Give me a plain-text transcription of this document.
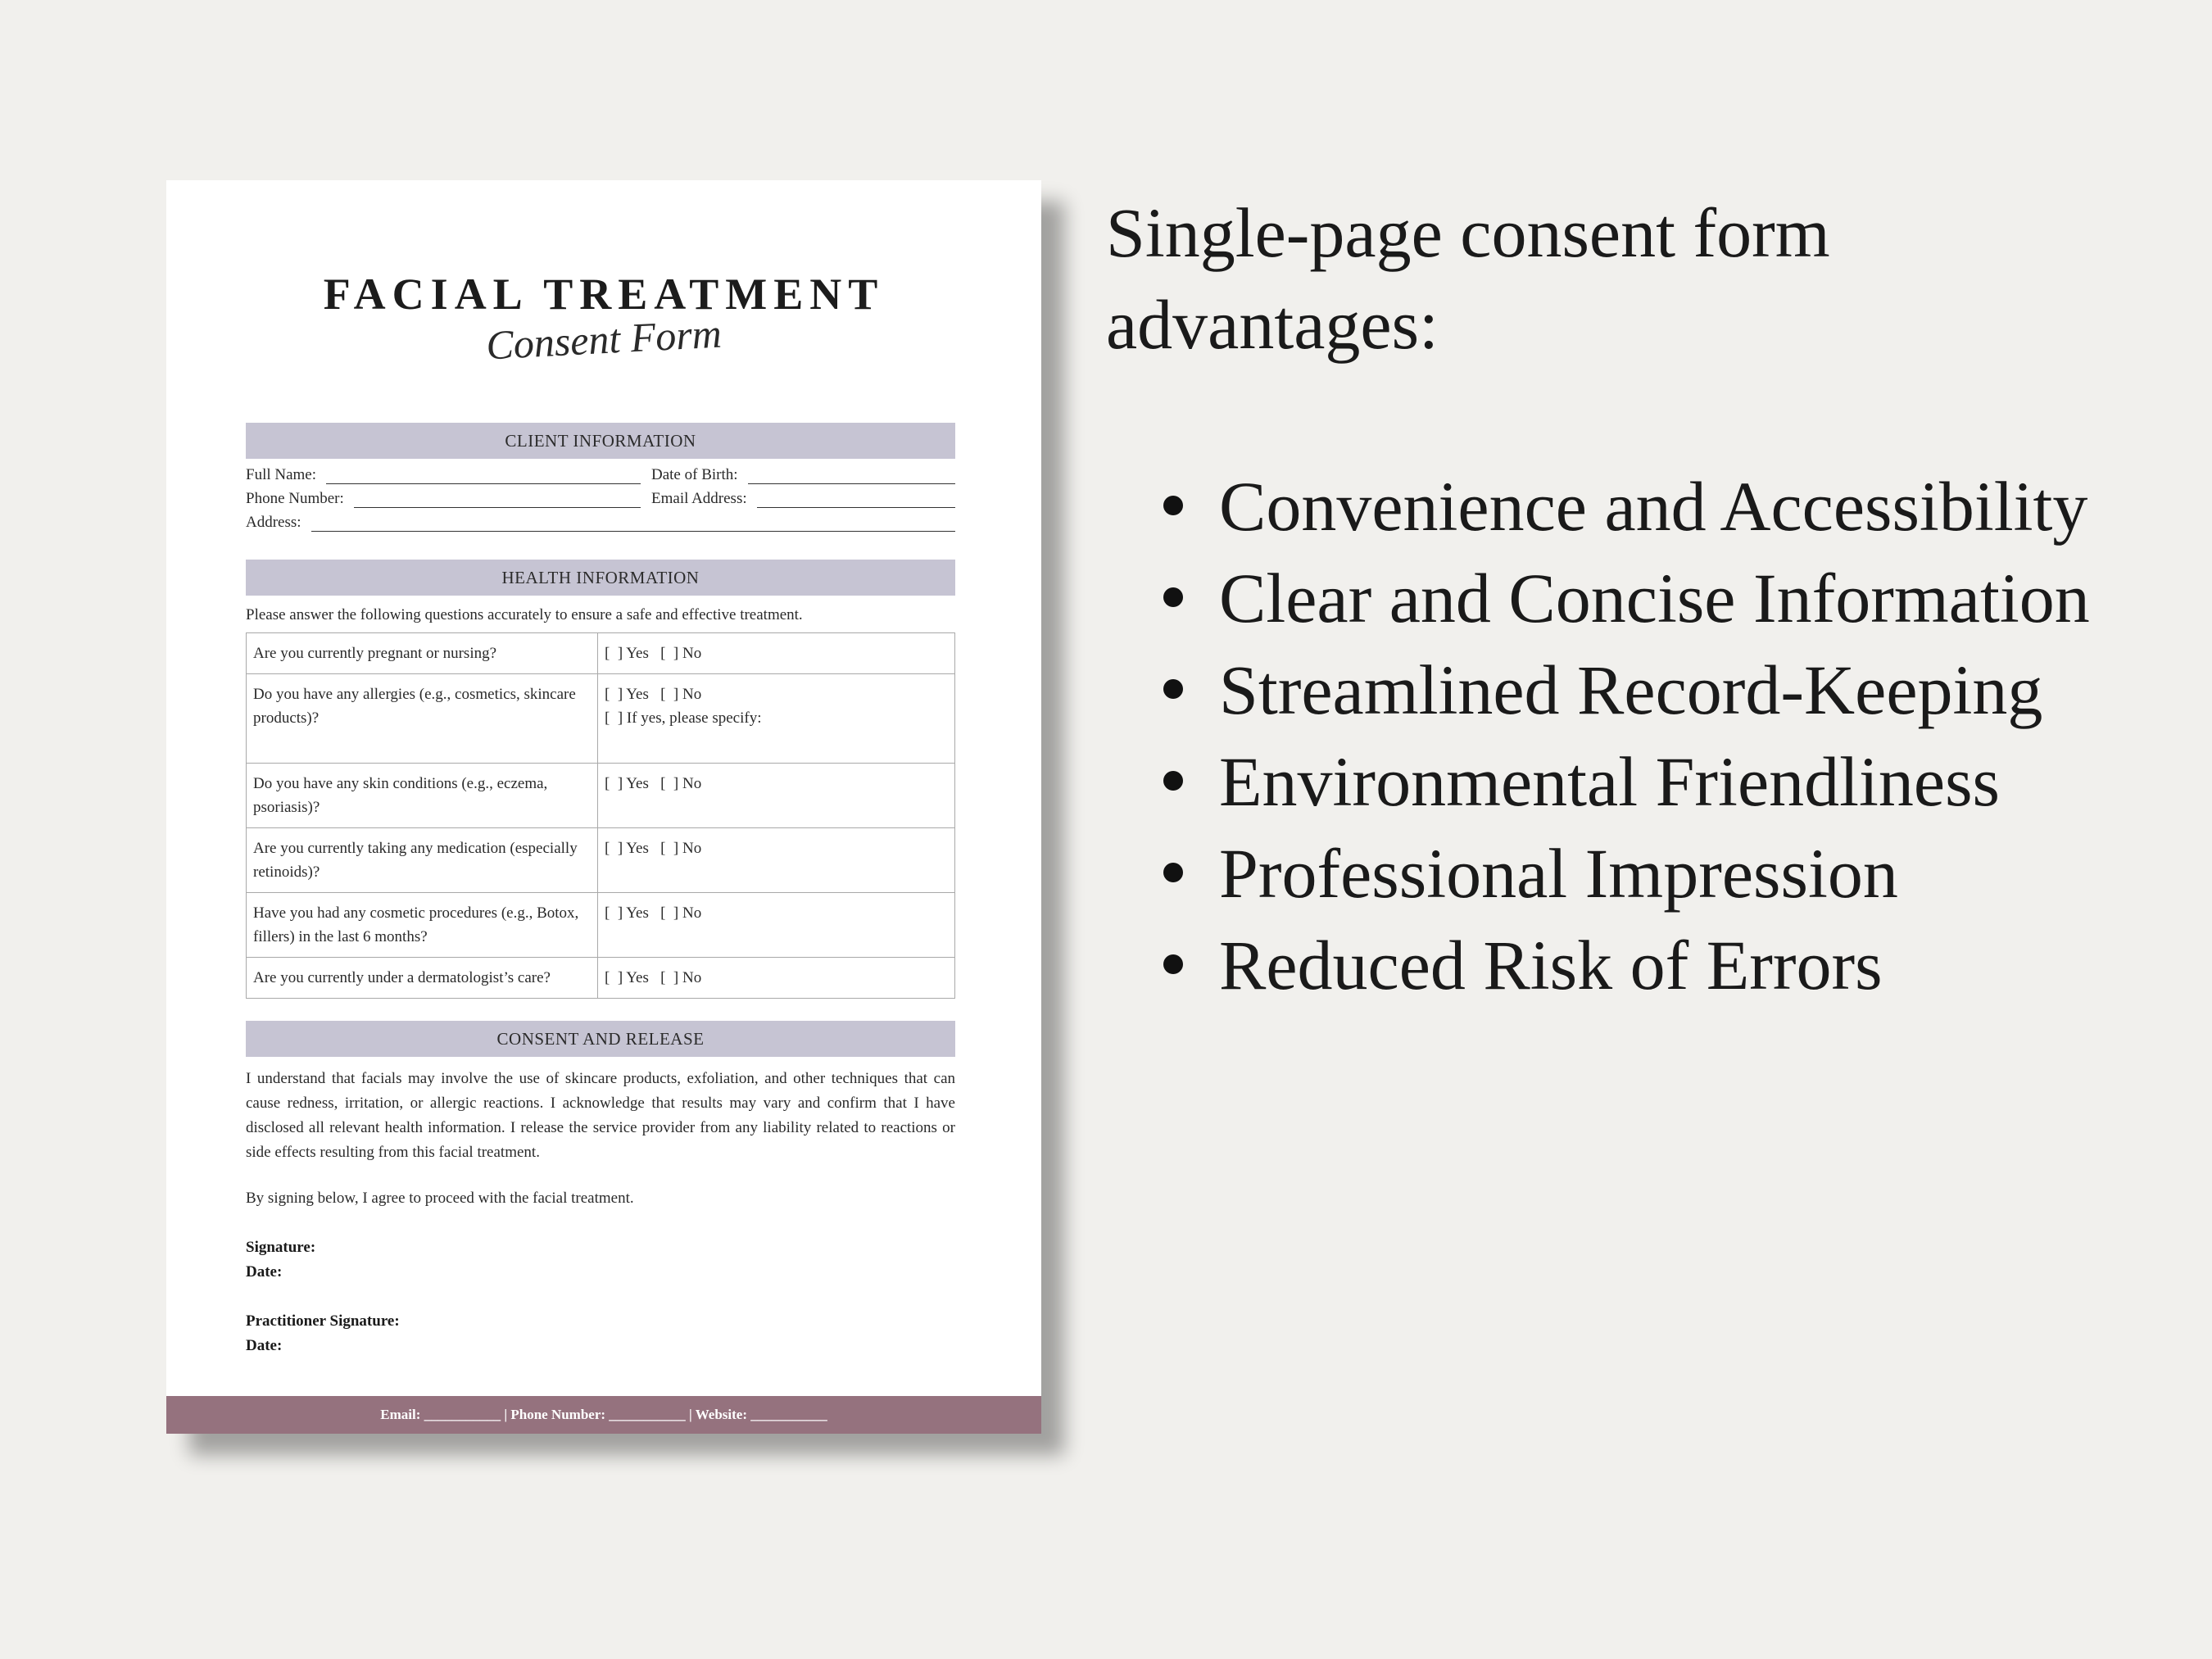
FACIAL TREATMENT
Consent Form
CLIENT INFORMATION
Full Name:	Date of Birth:
Phone Number:	Email Address:
Address:
HEALTH INFORMATION
Please answer the following questions accurately to ensure a safe and effective treatment.
Are you currently pregnant or nursing?	[  ] Yes   [  ] No
Do you have any allergies (e.g., cosmetics, skincare products)?	[  ] Yes   [  ] No
[  ] If yes, please specify:
Do you have any skin conditions (e.g., eczema, psoriasis)?	[  ] Yes   [  ] No
Are you currently taking any medication (especially retinoids)?	[  ] Yes   [  ] No
Have you had any cosmetic procedures (e.g., Botox, fillers) in the last 6 months?	[  ] Yes   [  ] No
Are you currently under a dermatologist’s care?	[  ] Yes   [  ] No
CONSENT AND RELEASE
I understand that facials may involve the use of skincare products, exfoliation, and other techniques that can cause redness, irritation, or allergic reactions. I acknowledge that results may vary and confirm that I have disclosed all relevant health information. I release the service provider from any liability related to reactions or side effects resulting from this facial treatment.
By signing below, I agree to proceed with the facial treatment.
Signature:
Date:
Practitioner Signature:
Date:
Email: ___________ | Phone Number: ___________ | Website: ___________
Single-page consent form advantages:
Convenience and Accessibility
Clear and Concise Information
Streamlined Record-Keeping
Environmental Friendliness
Professional Impression
Reduced Risk of Errors
